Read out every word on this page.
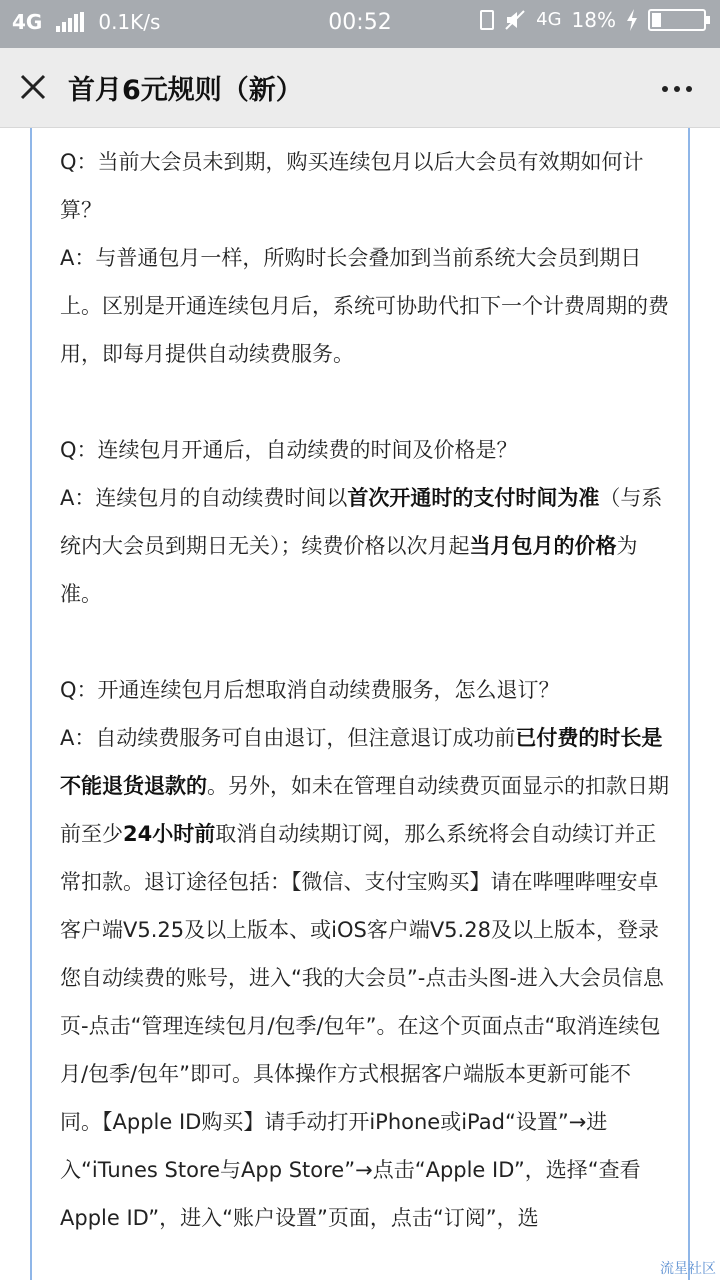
4G	0.1K/s	00:52	4G 18%
首月6元规则（新）

Q：当前大会员未到期，购买连续包月以后大会员有效期如何计算？

A：与普通包月一样，所购时长会叠加到当前系统大会员到期日上。区别是开通连续包月后，系统可协助代扣下一个计费周期的费用，即每月提供自动续费服务。

Q：连续包月开通后，自动续费的时间及价格是？

A：连续包月的自动续费时间以首次开通时的支付时间为准（与系统内大会员到期日无关）；续费价格以次月起当月包月的价格为准。

Q：开通连续包月后想取消自动续费服务，怎么退订？

A：自动续费服务可自由退订，但注意退订成功前已付费的时长是不能退货退款的。另外，如未在管理自动续费页面显示的扣款日期前至少24小时前取消自动续期订阅，那么系统将会自动续订并正常扣款。退订途径包括：【微信、支付宝购买】请在哔哩哔哩安卓客户端V5.25及以上版本、或iOS客户端V5.28及以上版本，登录您自动续费的账号，进入“我的大会员”-点击头图-进入大会员信息页-点击“管理连续包月/包季/包年”。在这个页面点击“取消连续包月/包季/包年”即可。具体操作方式根据客户端版本更新可能不同。【Apple ID购买】请手动打开iPhone或iPad“设置”→进入“iTunes Store与App Store”→点击“Apple ID”，选择“查看Apple ID”，进入“账户设置”页面，点击“订阅”，选

流星社区
